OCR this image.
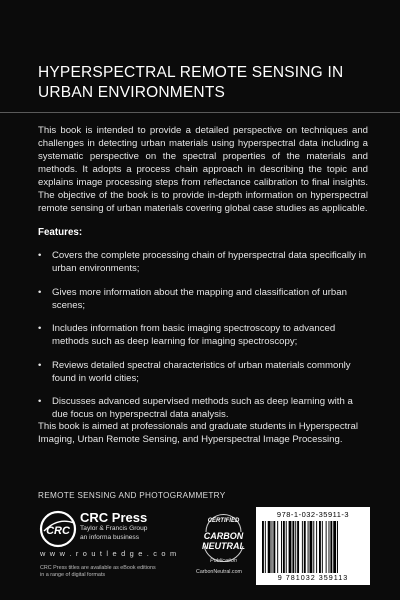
HYPERSPECTRAL REMOTE SENSING IN
URBAN ENVIRONMENTS

This book is intended to provide a detailed perspective on techniques and challenges in detecting urban materials using hyperspectral data including a systematic perspective on the spectral properties of the materials and methods. It adopts a process chain approach in describing the topic and explains image processing steps from reflectance calibration to final insights. The objective of the book is to provide in-depth information on hyperspectral remote sensing of urban materials covering global case studies as applicable.

Features:

• Covers the complete processing chain of hyperspectral data specifically in urban environments;
• Gives more information about the mapping and classification of urban scenes;
• Includes information from basic imaging spectroscopy to advanced methods such as deep learning for imaging spectroscopy;
• Reviews detailed spectral characteristics of urban materials commonly found in world cities;
• Discusses advanced supervised methods such as deep learning with a due focus on hyperspectral data analysis.

This book is aimed at professionals and graduate students in Hyperspectral Imaging, Urban Remote Sensing, and Hyperspectral Image Processing.

REMOTE SENSING AND PHOTOGRAMMETRY

CRC
CRC Press
Taylor & Francis Group
an informa business
w w w . r o u t l e d g e . c o m
CRC Press titles are available as eBook editions
in a range of digital formats
CERTIFIED
CARBON
NEUTRAL
Publication
CarbonNeutral.com
978-1-032-35911-3
9 781032 359113
